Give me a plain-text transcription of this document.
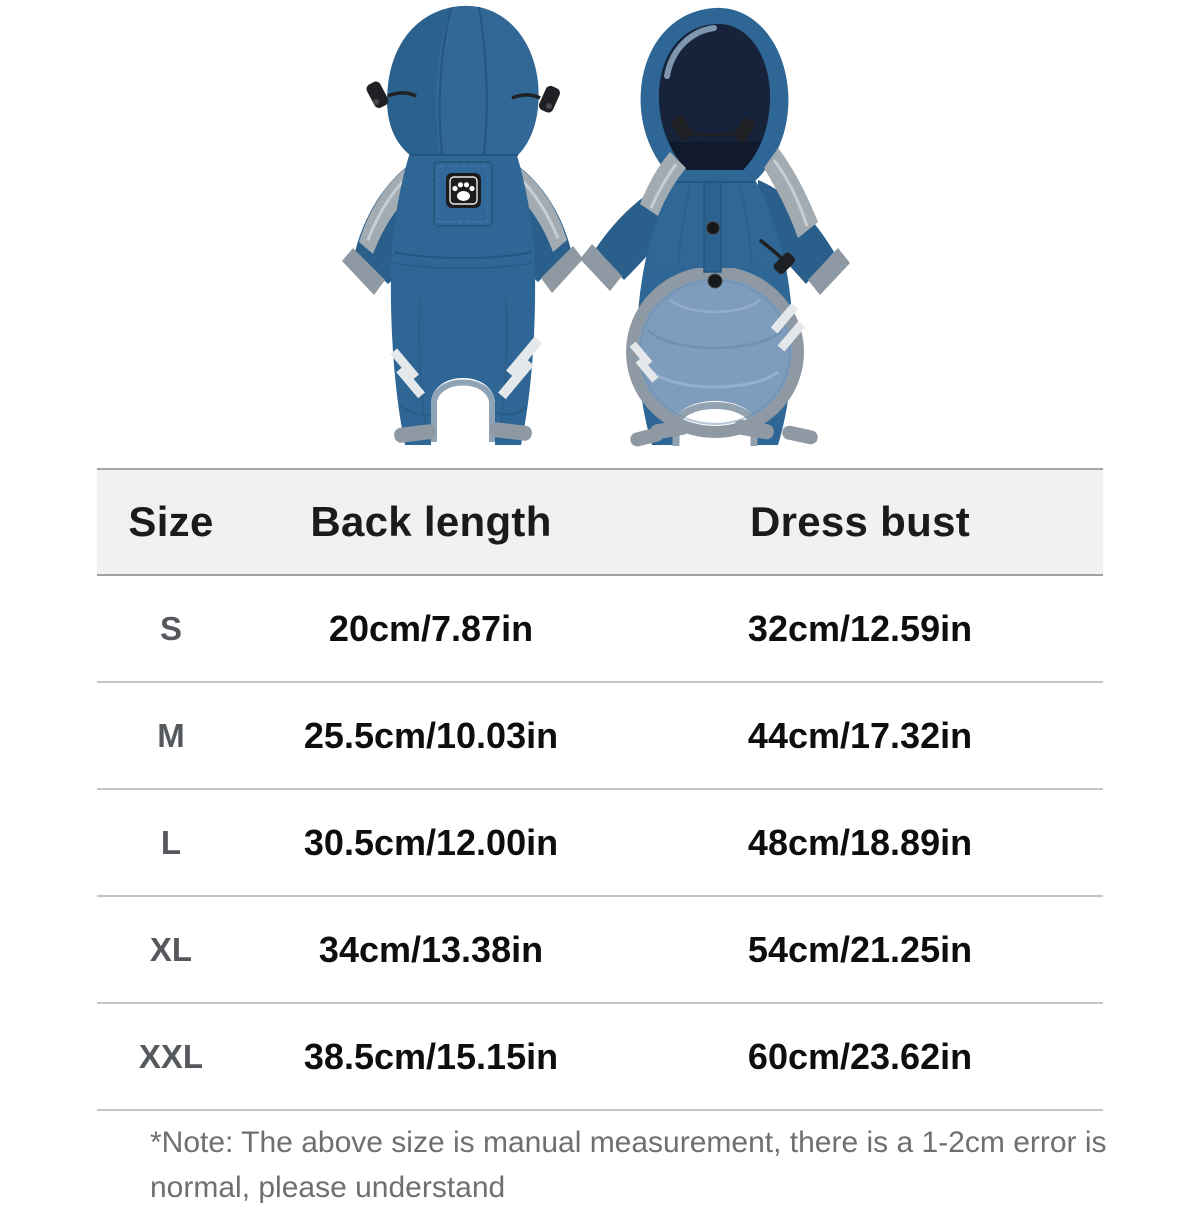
Size	Back length	Dress bust
S	20cm/7.87in	32cm/12.59in
M	25.5cm/10.03in	44cm/17.32in
L	30.5cm/12.00in	48cm/18.89in
XL	34cm/13.38in	54cm/21.25in
XXL	38.5cm/15.15in	60cm/23.62in
*Note: The above size is manual measurement, there is a 1-2cm error is normal, please understand
